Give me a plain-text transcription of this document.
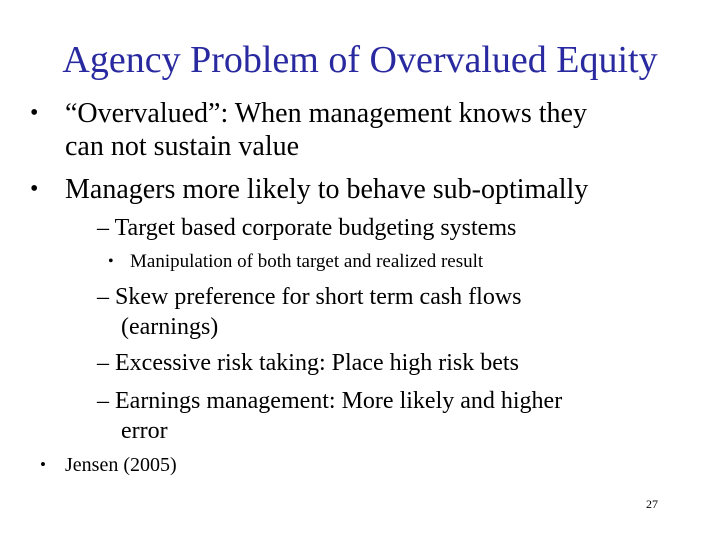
Agency Problem of Overvalued Equity
• “Overvalued”: When management knows they
can not sustain value
• Managers more likely to behave sub-optimally
– Target based corporate budgeting systems
• Manipulation of both target and realized result
– Skew preference for short term cash flows
(earnings)
– Excessive risk taking: Place high risk bets
– Earnings management: More likely and higher
error
• Jensen (2005)
27
